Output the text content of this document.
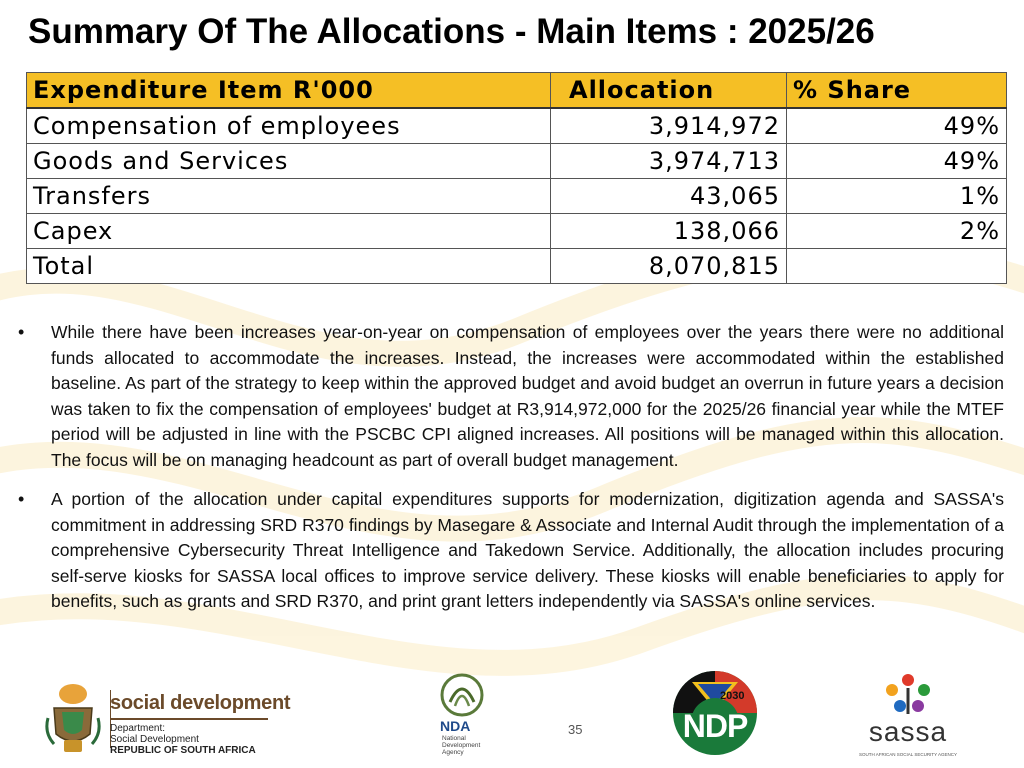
Summary Of The Allocations - Main Items : 2025/26
Expenditure Item R'000	Allocation	% Share
Compensation of employees	3,914,972	49%
Goods and Services	3,974,713	49%
Transfers	43,065	1%
Capex	138,066	2%
Total	8,070,815	
• While there have been increases year-on-year on compensation of employees over the years there were no additional funds allocated to accommodate the increases. Instead, the increases were accommodated within the established baseline. As part of the strategy to keep within the approved budget and avoid budget an overrun in future years a decision was taken to fix the compensation of employees' budget at R3,914,972,000 for the 2025/26 financial year while the MTEF period will be adjusted in line with the PSCBC CPI aligned increases. All positions will be managed within this allocation. The focus will be on managing headcount as part of overall budget management.
• A portion of the allocation under capital expenditures supports for modernization, digitization agenda and SASSA's commitment in addressing SRD R370 findings by Masegare & Associate and Internal Audit through the implementation of a comprehensive Cybersecurity Threat Intelligence and Takedown Service. Additionally, the allocation includes procuring self-serve kiosks for SASSA local offices to improve service delivery. These kiosks will enable beneficiaries to apply for benefits, such as grants and SRD R370, and print grant letters independently via SASSA's online services.
social development
Department:
Social Development
REPUBLIC OF SOUTH AFRICA
NDA
National
Development
Agency
35
2030
NDP	sassa
SOUTH AFRICAN SOCIAL SECURITY AGENCY
